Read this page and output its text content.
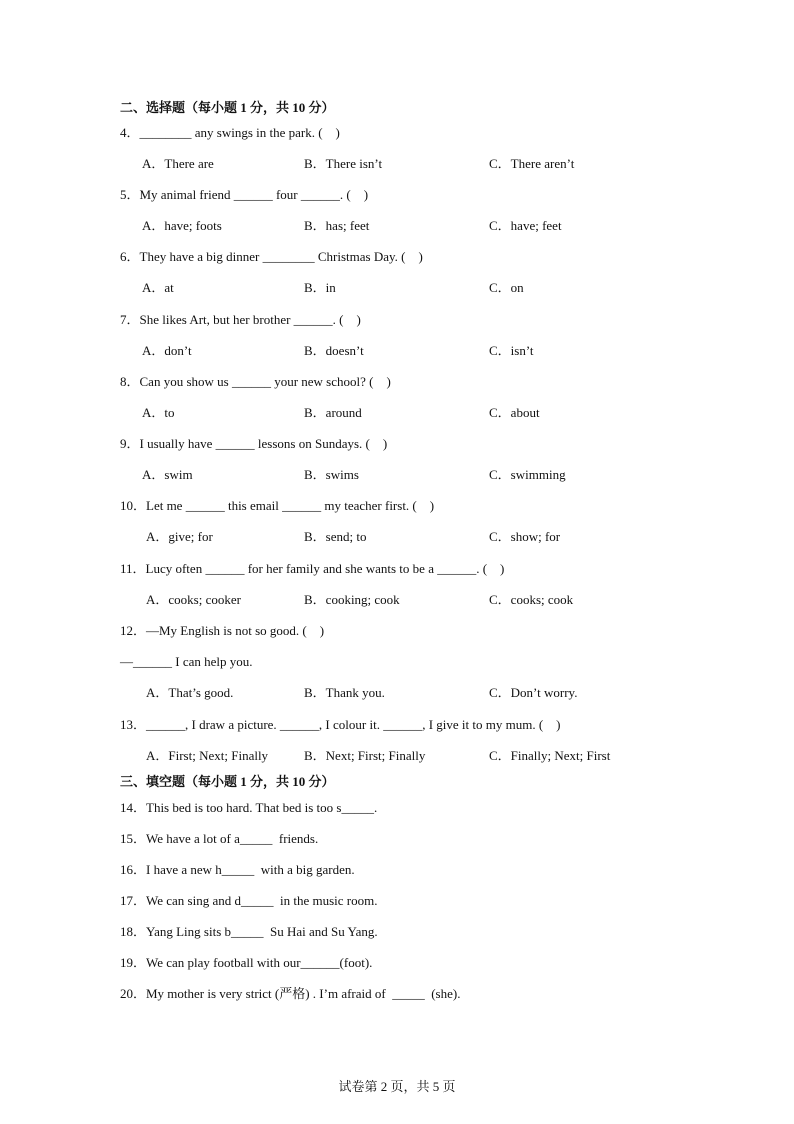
二、选择题（每小题 1 分，共 10 分）
4．________ any swings in the park. (    )
A．There are	B．There isn’t	C．There aren’t
5．My animal friend ______ four ______. (    )
A．have; foots	B．has; feet	C．have; feet
6．They have a big dinner ________ Christmas Day. (    )
A．at	B．in	C．on
7．She likes Art, but her brother ______. (    )
A．don’t	B．doesn’t	C．isn’t
8．Can you show us ______ your new school? (    )
A．to	B．around	C．about
9．I usually have ______ lessons on Sundays. (    )
A．swim	B．swims	C．swimming
10．Let me ______ this email ______ my teacher first. (    )
A．give; for	B．send; to	C．show; for
11．Lucy often ______ for her family and she wants to be a ______. (    )
A．cooks; cooker	B．cooking; cook	C．cooks; cook
12．—My English is not so good. (    )
—______ I can help you.
A．That’s good.	B．Thank you.	C．Don’t worry.
13．______, I draw a picture. ______, I colour it. ______, I give it to my mum. (    )
A．First; Next; Finally	B．Next; First; Finally	C．Finally; Next; First
三、填空题（每小题 1 分，共 10 分）
14．This bed is too hard. That bed is too s_____.
15．We have a lot of a_____  friends.
16．I have a new h_____  with a big garden.
17．We can sing and d_____  in the music room.
18．Yang Ling sits b_____  Su Hai and Su Yang.
19．We can play football with our______(foot).
20．My mother is very strict (严格) . I’m afraid of  _____  (she).
试卷第 2 页，共 5 页
